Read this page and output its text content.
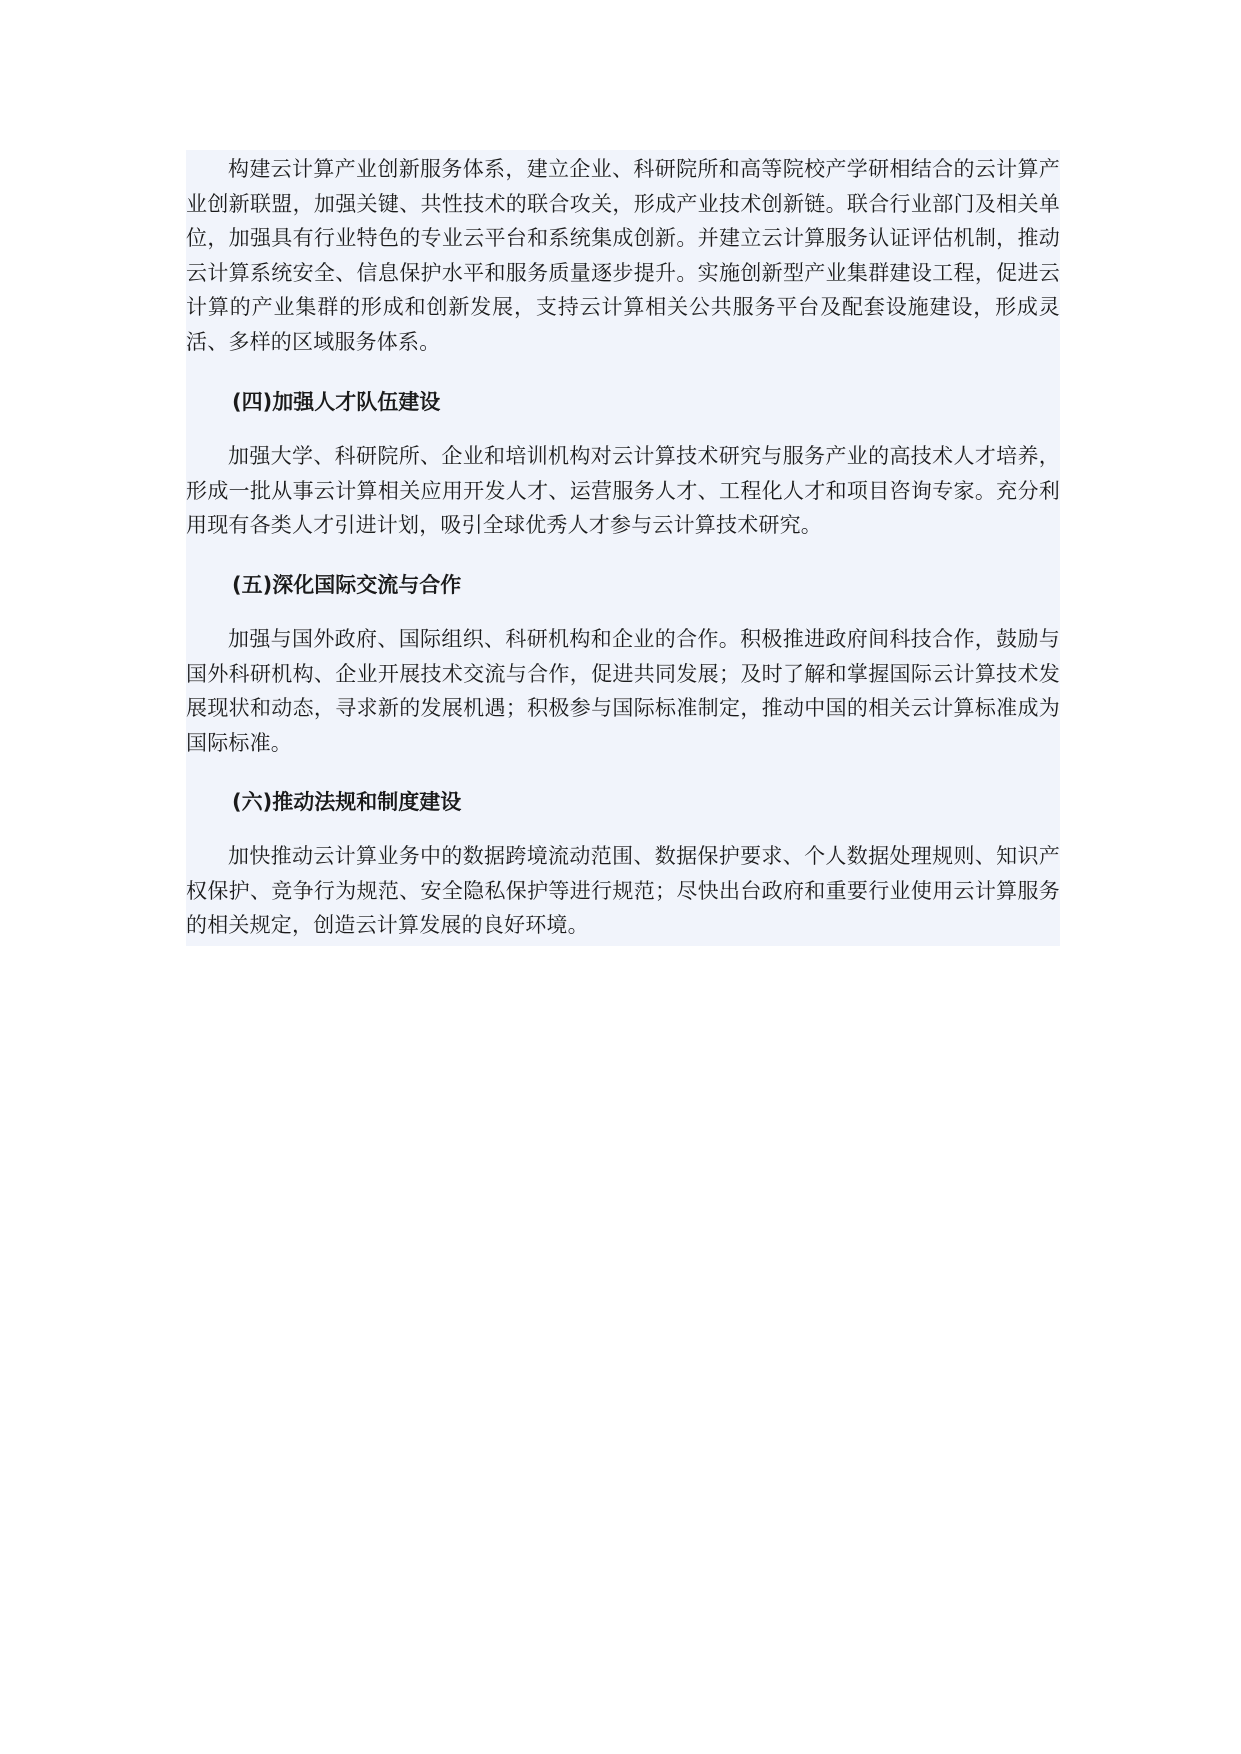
构建云计算产业创新服务体系，建立企业、科研院所和高等院校产学研相结合的云计算产业创新联盟，加强关键、共性技术的联合攻关，形成产业技术创新链。联合行业部门及相关单位，加强具有行业特色的专业云平台和系统集成创新。并建立云计算服务认证评估机制，推动云计算系统安全、信息保护水平和服务质量逐步提升。实施创新型产业集群建设工程，促进云计算的产业集群的形成和创新发展，支持云计算相关公共服务平台及配套设施建设，形成灵活、多样的区域服务体系。

(四)加强人才队伍建设

加强大学、科研院所、企业和培训机构对云计算技术研究与服务产业的高技术人才培养，形成一批从事云计算相关应用开发人才、运营服务人才、工程化人才和项目咨询专家。充分利用现有各类人才引进计划，吸引全球优秀人才参与云计算技术研究。

(五)深化国际交流与合作

加强与国外政府、国际组织、科研机构和企业的合作。积极推进政府间科技合作，鼓励与国外科研机构、企业开展技术交流与合作，促进共同发展；及时了解和掌握国际云计算技术发展现状和动态，寻求新的发展机遇；积极参与国际标准制定，推动中国的相关云计算标准成为国际标准。

(六)推动法规和制度建设

加快推动云计算业务中的数据跨境流动范围、数据保护要求、个人数据处理规则、知识产权保护、竞争行为规范、安全隐私保护等进行规范；尽快出台政府和重要行业使用云计算服务的相关规定，创造云计算发展的良好环境。
